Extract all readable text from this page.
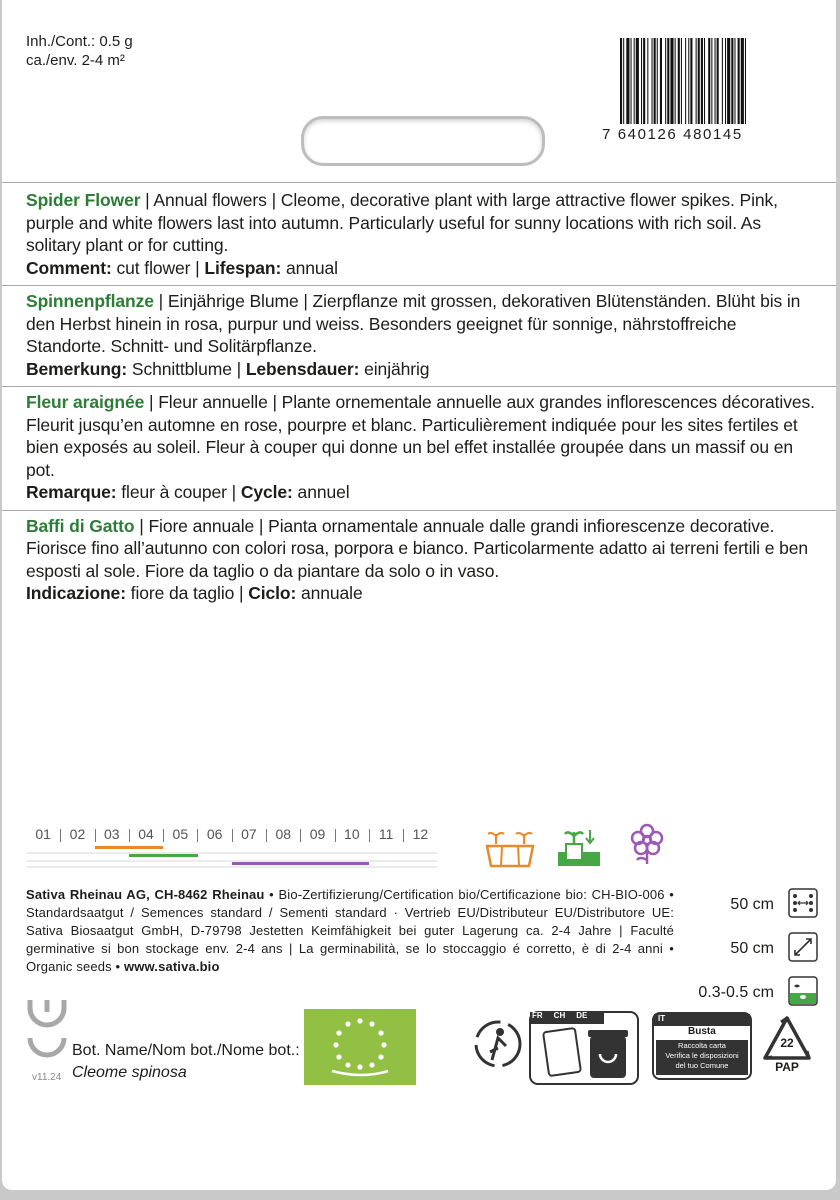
Inh./Cont.: 0.5 g
ca./env. 2-4 m²
7 640126 480145
Spider Flower | Annual flowers | Cleome, decorative plant with large attractive flower spikes. Pink, purple and white flowers last into autumn. Particularly useful for sunny locations with rich soil. As solitary plant or for cutting.
Comment: cut flower | Lifespan: annual
Spinnenpflanze | Einjährige Blume | Zierpflanze mit grossen, dekorativen Blütenständen. Blüht bis in den Herbst hinein in rosa, purpur und weiss. Besonders geeignet für sonnige, nährstoffreiche Standorte. Schnitt- und Solitärpflanze.
Bemerkung: Schnittblume | Lebensdauer: einjährig
Fleur araignée | Fleur annuelle | Plante ornementale annuelle aux grandes inflorescences décoratives. Fleurit jusqu’en automne en rose, pourpre et blanc. Particulièrement indiquée pour les sites fertiles et bien exposés au soleil. Fleur à couper qui donne un bel effet installée groupée dans un massif ou en pot.
Remarque: fleur à couper | Cycle: annuel
Baffi di Gatto | Fiore annuale | Pianta ornamentale annuale dalle grandi infiorescenze decorative. Fiorisce fino all’autunno con colori rosa, porpora e bianco. Particolarmente adatto ai terreni fertili e ben esposti al sole. Fiore da taglio o da piantare da solo o in vaso.
Indicazione: fiore da taglio | Ciclo: annuale
01	02	03	04	05	06	07	08	09	10	11	12
Sativa Rheinau AG, CH-8462 Rheinau • Bio-Zertifizierung/Certification bio/Certificazione bio: CH-BIO-006 • Standardsaatgut / Semences standard / Sementi standard · Vertrieb EU/Distributeur EU/Distributore UE: Sativa Biosaatgut GmbH, D-79798 Jestetten Keimfähigkeit bei guter Lagerung ca. 2-4 Jahre | Faculté germinative si bon stockage env. 2-4 ans | La germinabilità, se lo stoccaggio é corretto, è di 2-4 anni • Organic seeds • www.sativa.bio
50 cm
50 cm
0.3-0.5 cm
v11.24
Bot. Name/Nom bot./Nome bot.:
Cleome spinosa
FR CH DE	IT
Busta
Raccolta carta
Verifica le disposizioni
del tuo Comune
22
PAP
